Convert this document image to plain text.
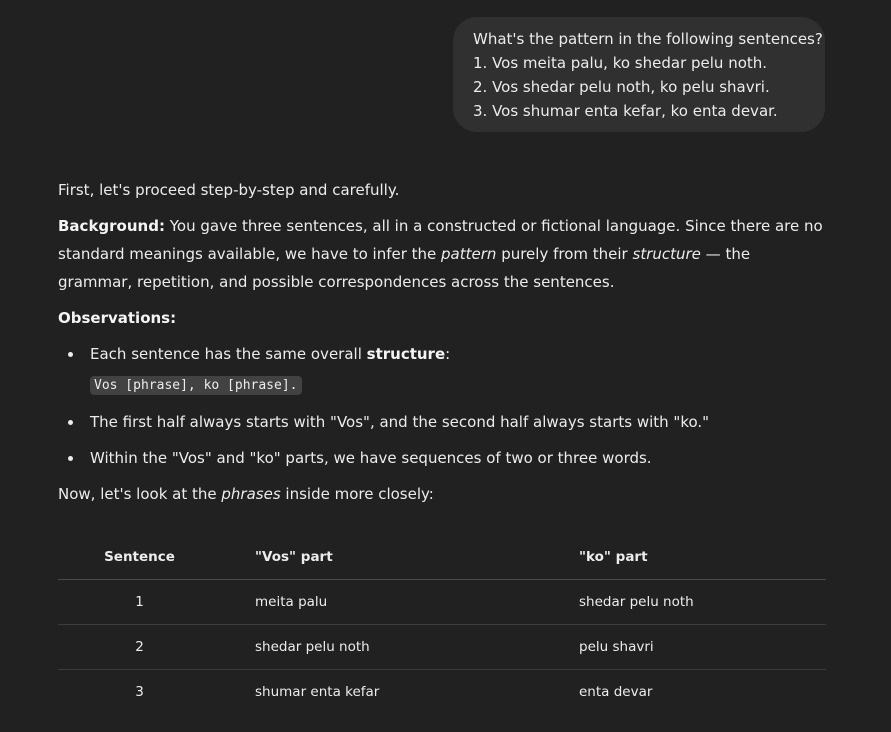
What's the pattern in the following sentences?
1. Vos meita palu, ko shedar pelu noth.
2. Vos shedar pelu noth, ko pelu shavri.
3. Vos shumar enta kefar, ko enta devar.

First, let's proceed step-by-step and carefully.

Background: You gave three sentences, all in a constructed or fictional language. Since there are no standard meanings available, we have to infer the pattern purely from their structure — the grammar, repetition, and possible correspondences across the sentences.

Observations:

Each sentence has the same overall structure:
Vos [phrase], ko [phrase].
The first half always starts with "Vos", and the second half always starts with "ko."
Within the "Vos" and "ko" parts, we have sequences of two or three words.

Now, let's look at the phrases inside more closely:

Sentence	"Vos" part	"ko" part
1	meita palu	shedar pelu noth
2	shedar pelu noth	pelu shavri
3	shumar enta kefar	enta devar
